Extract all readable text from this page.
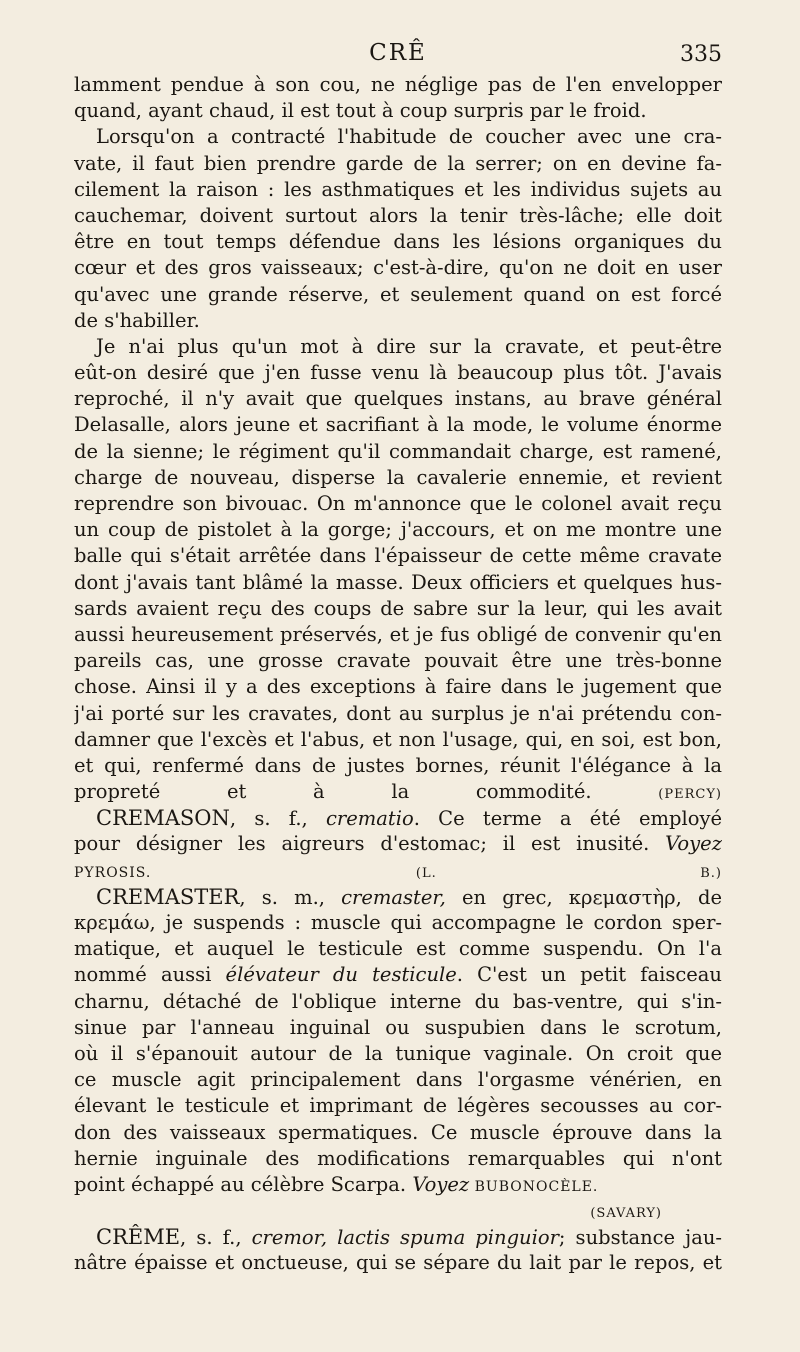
CRÊ	335
lamment pendue à son cou, ne néglige pas de l'en envelopper
quand, ayant chaud, il est tout à coup surpris par le froid.
Lorsqu'on a contracté l'habitude de coucher avec une cra-
vate, il faut bien prendre garde de la serrer; on en devine fa-
cilement la raison : les asthmatiques et les individus sujets au
cauchemar, doivent surtout alors la tenir très-lâche; elle doit
être en tout temps défendue dans les lésions organiques du
cœur et des gros vaisseaux; c'est-à-dire, qu'on ne doit en user
qu'avec une grande réserve, et seulement quand on est forcé
de s'habiller.
Je n'ai plus qu'un mot à dire sur la cravate, et peut-être
eût-on desiré que j'en fusse venu là beaucoup plus tôt. J'avais
reproché, il n'y avait que quelques instans, au brave général
Delasalle, alors jeune et sacrifiant à la mode, le volume énorme
de la sienne; le régiment qu'il commandait charge, est ramené,
charge de nouveau, disperse la cavalerie ennemie, et revient
reprendre son bivouac. On m'annonce que le colonel avait reçu
un coup de pistolet à la gorge; j'accours, et on me montre une
balle qui s'était arrêtée dans l'épaisseur de cette même cravate
dont j'avais tant blâmé la masse. Deux officiers et quelques hus-
sards avaient reçu des coups de sabre sur la leur, qui les avait
aussi heureusement préservés, et je fus obligé de convenir qu'en
pareils cas, une grosse cravate pouvait être une très-bonne
chose. Ainsi il y a des exceptions à faire dans le jugement que
j'ai porté sur les cravates, dont au surplus je n'ai prétendu con-
damner que l'excès et l'abus, et non l'usage, qui, en soi, est bon,
et qui, renfermé dans de justes bornes, réunit l'élégance à la
propreté et à la commodité.	(PERCY)
CREMASON, s. f., crematio. Ce terme a été employé
pour désigner les aigreurs d'estomac; il est inusité. Voyez
PYROSIS.	(L. B.)
CREMASTER, s. m., cremaster, en grec, κρεμαστὴρ, de
κρεμάω, je suspends : muscle qui accompagne le cordon sper-
matique, et auquel le testicule est comme suspendu. On l'a
nommé aussi élévateur du testicule. C'est un petit faisceau
charnu, détaché de l'oblique interne du bas-ventre, qui s'in-
sinue par l'anneau inguinal ou suspubien dans le scrotum,
où il s'épanouit autour de la tunique vaginale. On croit que
ce muscle agit principalement dans l'orgasme vénérien, en
élevant le testicule et imprimant de légères secousses au cor-
don des vaisseaux spermatiques. Ce muscle éprouve dans la
hernie inguinale des modifications remarquables qui n'ont
point échappé au célèbre Scarpa. Voyez BUBONOCÈLE.
(SAVARY)
CRÊME, s. f., cremor, lactis spuma pinguior; substance jau-
nâtre épaisse et onctueuse, qui se sépare du lait par le repos, et
